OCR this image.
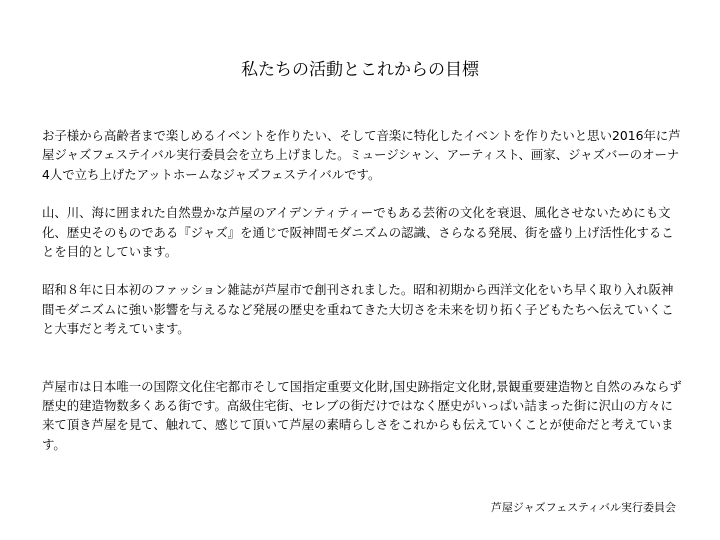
私たちの活動とこれからの目標

お子様から高齢者まで楽しめるイベントを作りたい、そして音楽に特化したイベントを作りたいと思い2016年に芦屋ジャズフェステイバル実行委員会を立ち上げました。ミュージシャン、アーティスト、画家、ジャズバーのオーナ4人で立ち上げたアットホームなジャズフェステイバルです。

山、川、海に囲まれた自然豊かな芦屋のアイデンティティーでもある芸術の文化を衰退、風化させないためにも文化、歴史そのものである『ジャズ』を通じで阪神間モダニズムの認識、さらなる発展、街を盛り上げ活性化することを目的としています。

昭和８年に日本初のファッション雑誌が芦屋市で創刊されました。昭和初期から西洋文化をいち早く取り入れ阪神間モダニズムに強い影響を与えるなど発展の歴史を重ねてきた大切さを未来を切り拓く子どもたちへ伝えていくこと大事だと考えています。

芦屋市は日本唯一の国際文化住宅都市そして国指定重要文化財,国史跡指定文化財,景観重要建造物と自然のみならず歴史的建造物数多くある街です。高級住宅街、セレブの街だけではなく歴史がいっぱい詰まった街に沢山の方々に来て頂き芦屋を見て、触れて、感じて頂いて芦屋の素晴らしさをこれからも伝えていくことが使命だと考えています。

芦屋ジャズフェスティバル実行委員会
